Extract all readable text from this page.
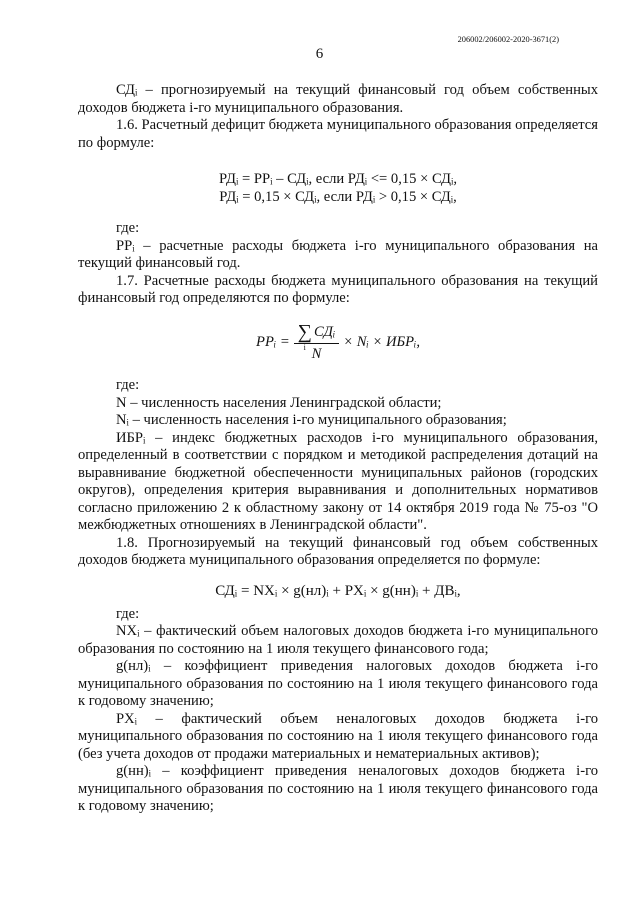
206002/206002-2020-3671(2)
6

СДᵢ – прогнозируемый на текущий финансовый год объем собственных доходов бюджета i-го муниципального образования.

1.6. Расчетный дефицит бюджета муниципального образования определяется по формуле:

РДᵢ = РРᵢ – СДᵢ, если РДᵢ <= 0,15 × СДᵢ,
РДᵢ = 0,15 × СДᵢ, если РДᵢ > 0,15 × СДᵢ,

где:

РРᵢ – расчетные расходы бюджета i-го муниципального образования на текущий финансовый год.

1.7. Расчетные расходы бюджета муниципального образования на текущий финансовый год определяются по формуле:

PPᵢ = ∑
i
СДᵢ
N × Nᵢ × ИБРᵢ,

где:

N – численность населения Ленинградской области;

Nᵢ – численность населения i-го муниципального образования;

ИБРᵢ – индекс бюджетных расходов i-го муниципального образования, определенный в соответствии с порядком и методикой распределения дотаций на выравнивание бюджетной обеспеченности муниципальных районов (городских округов), определения критерия выравнивания и дополнительных нормативов согласно приложению 2 к областному закону от 14 октября 2019 года № 75-оз "О межбюджетных отношениях в Ленинградской области".

1.8. Прогнозируемый на текущий финансовый год объем собственных доходов бюджета муниципального образования определяется по формуле:

СДᵢ = NXᵢ × g(нл)ᵢ + PXᵢ × g(нн)ᵢ + ДВᵢ,

где:

NXᵢ – фактический объем налоговых доходов бюджета i-го муниципального образования по состоянию на 1 июля текущего финансового года;

g(нл)ᵢ – коэффициент приведения налоговых доходов бюджета i-го муниципального образования по состоянию на 1 июля текущего финансового года к годовому значению;

PXᵢ – фактический объем неналоговых доходов бюджета i-го муниципального образования по состоянию на 1 июля текущего финансового года (без учета доходов от продажи материальных и нематериальных активов);

g(нн)ᵢ – коэффициент приведения неналоговых доходов бюджета i-го муниципального образования по состоянию на 1 июля текущего финансового года к годовому значению;
